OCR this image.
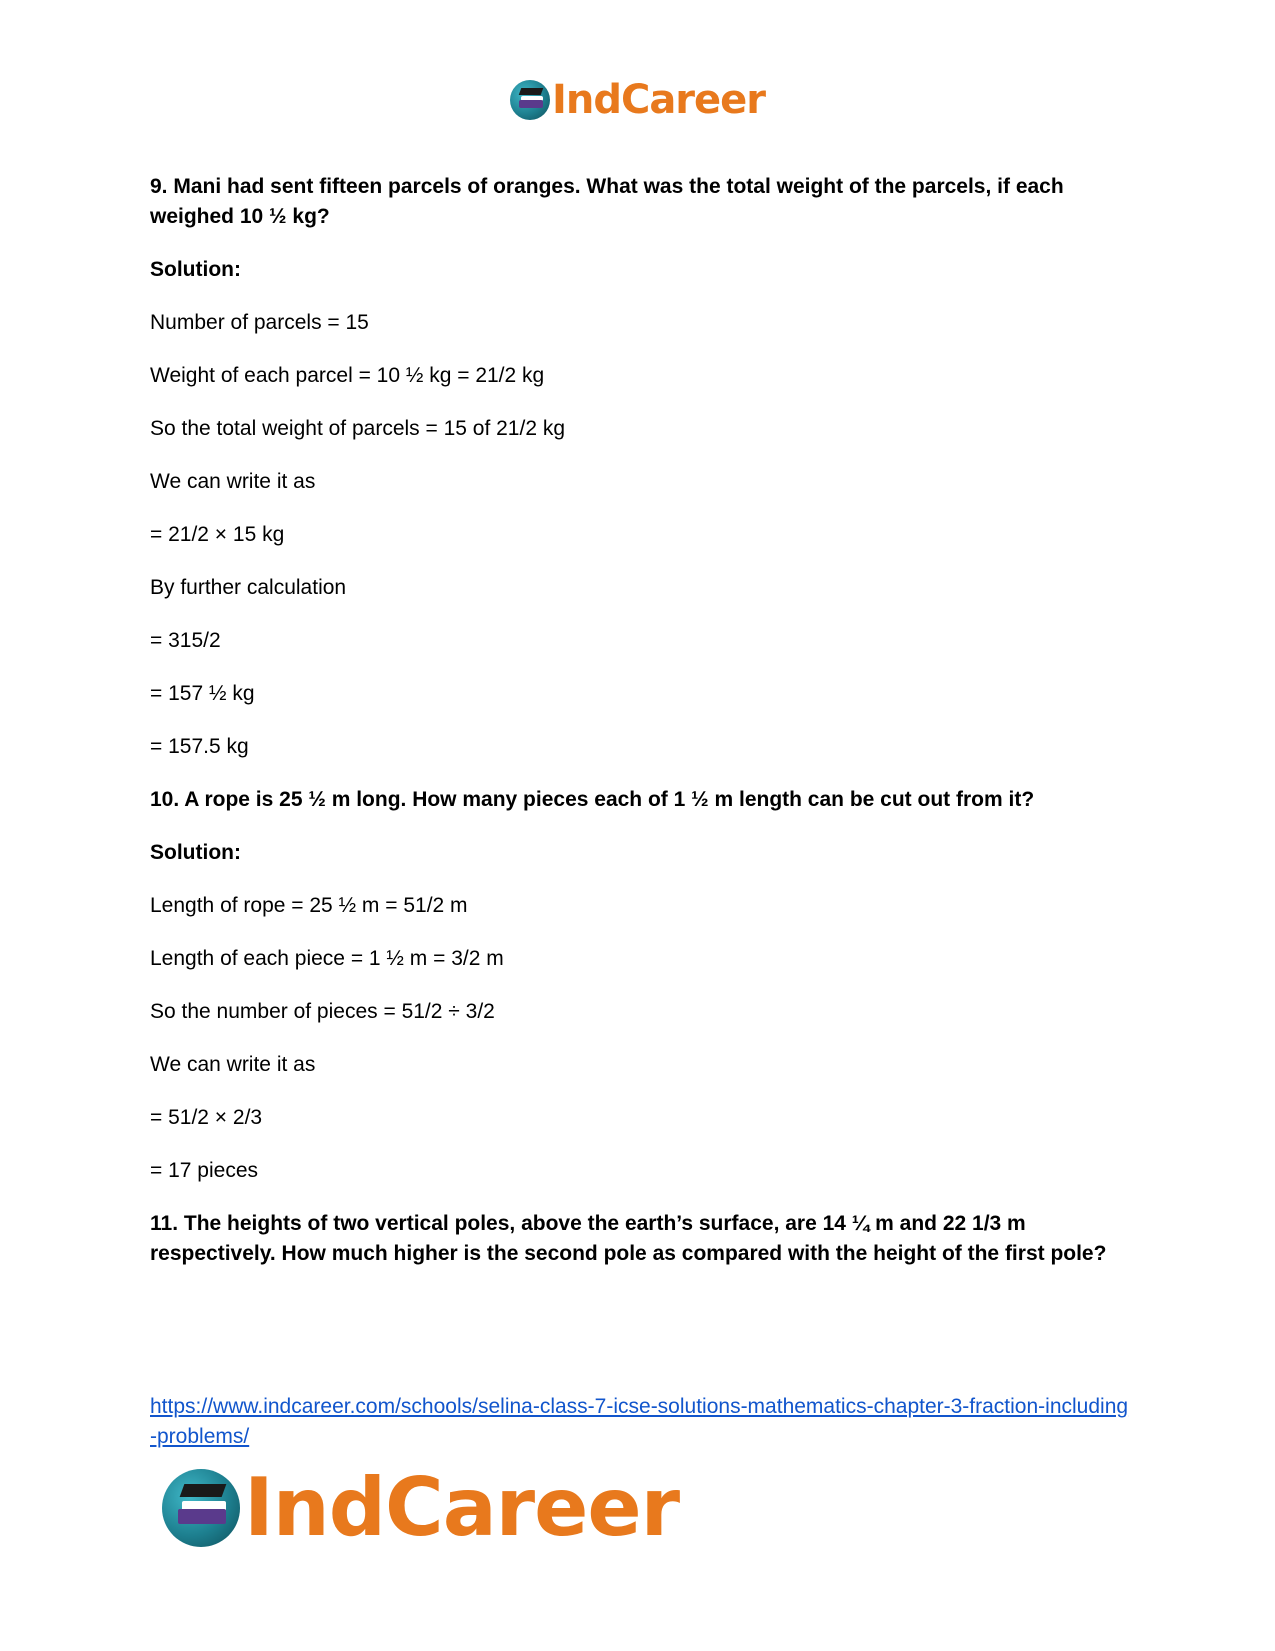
IndCareer

9. Mani had sent fifteen parcels of oranges. What was the total weight of the parcels, if each weighed 10 ½ kg?

Solution:

Number of parcels = 15

Weight of each parcel = 10 ½ kg = 21/2 kg

So the total weight of parcels = 15 of 21/2 kg

We can write it as

= 21/2 × 15 kg

By further calculation

= 315/2

= 157 ½ kg

= 157.5 kg

10. A rope is 25 ½ m long. How many pieces each of 1 ½ m length can be cut out from it?

Solution:

Length of rope = 25 ½ m = 51/2 m

Length of each piece = 1 ½ m = 3/2 m

So the number of pieces = 51/2 ÷ 3/2

We can write it as

= 51/2 × 2/3

= 17 pieces

11. The heights of two vertical poles, above the earth’s surface, are 14 ¼ m and 22 1/3 m respectively. How much higher is the second pole as compared with the height of the first pole?

https://www.indcareer.com/schools/selina-class-7-icse-solutions-mathematics-chapter-3-fraction-including-problems/
IndCareer
